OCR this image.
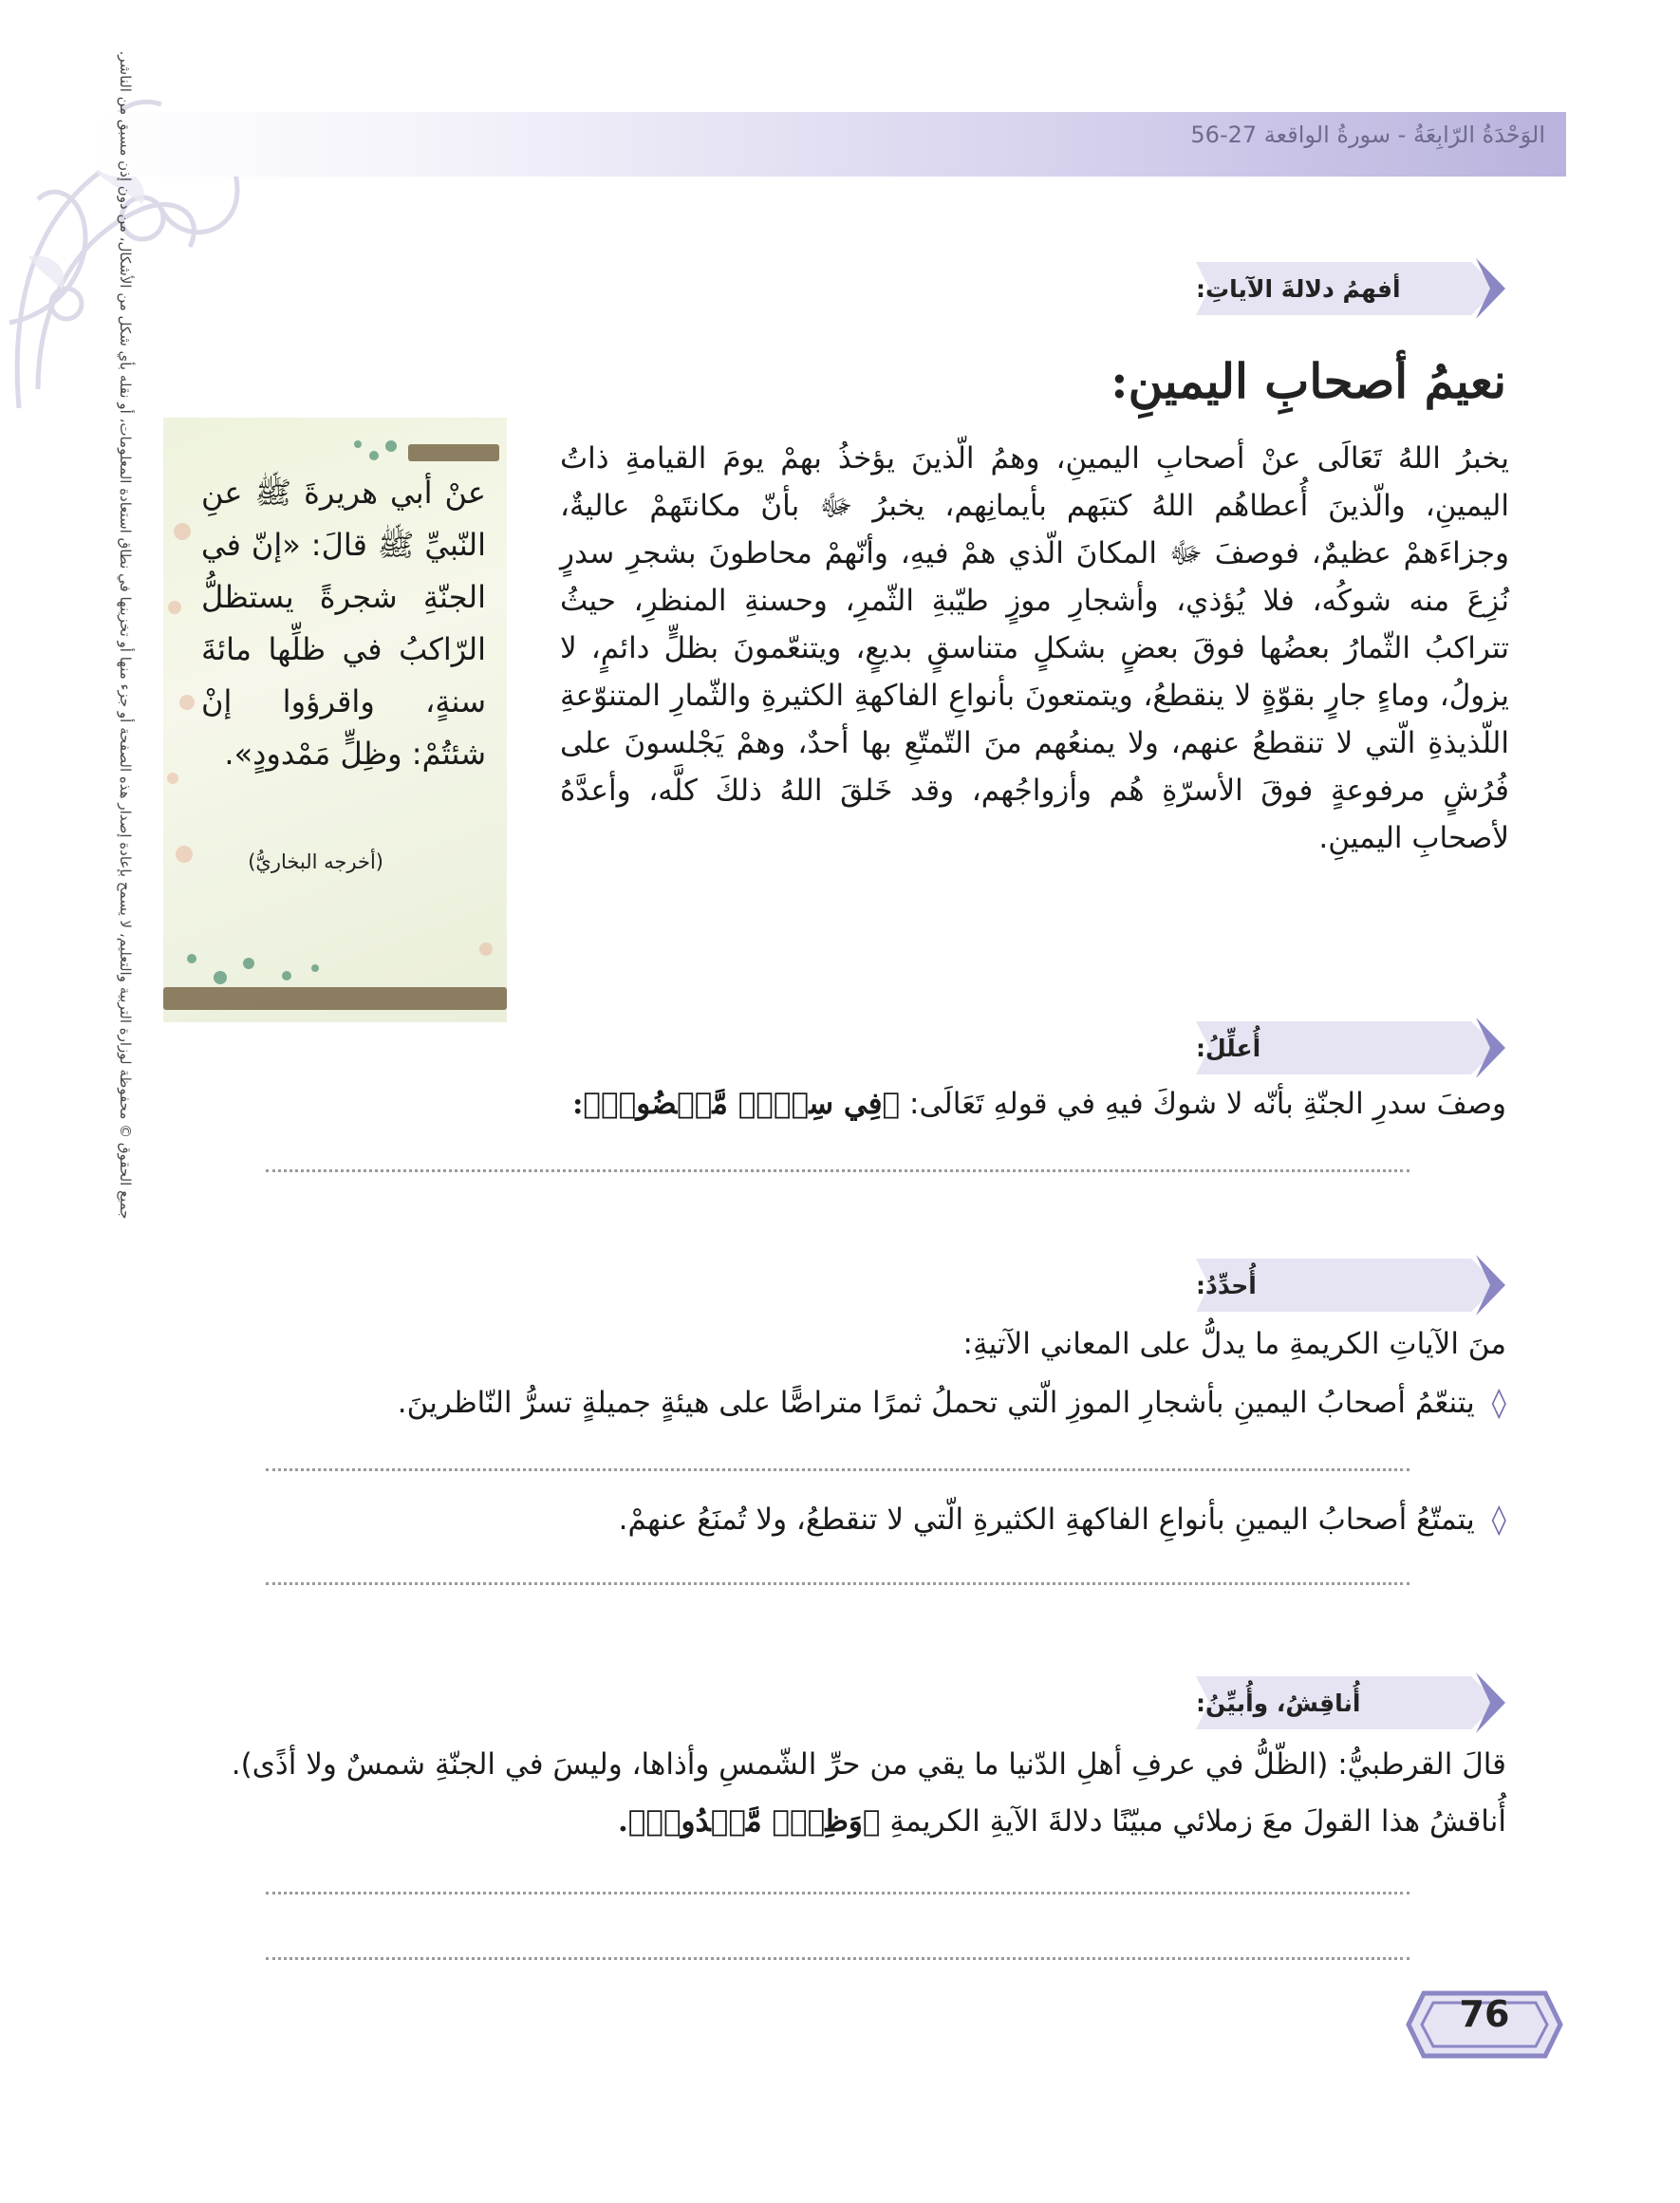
الوَحْدَةُ الرّابِعَةُ - سورةُ الواقعة 27-56
أفهمُ دلالةَ الآياتِ:
نعيمُ أصحابِ اليمينِ:
يخبرُ اللهُ تَعَالَى عنْ أصحابِ اليمينِ، وهمُ الّذينَ يؤخذُ بهمْ يومَ القيامةِ ذاتُ اليمينِ، والّذينَ أُعطاهُم اللهُ كتبَهم بأيمانِهم، يخبرُ ﷻ بأنّ مكانتَهمْ عاليةٌ، وجزاءَهمْ عظيمٌ، فوصفَ ﷻ المكانَ الّذي همْ فيهِ، وأنّهمْ محاطونَ بشجرِ سدرٍ نُزِعَ منه شوكُه، فلا يُؤذي، وأشجارِ موزٍ طيّبةِ الثّمرِ، وحسنةِ المنظرِ، حيثُ تتراكبُ الثّمارُ بعضُها فوقَ بعضٍ بشكلٍ متناسقٍ بديعٍ، ويتنعّمونَ بظلٍّ دائمٍ، لا يزولُ، وماءٍ جارٍ بقوّةٍ لا ينقطعُ، ويتمتعونَ بأنواعِ الفاكهةِ الكثيرةِ والثّمارِ المتنوّعةِ اللّذيذةِ الّتي لا تنقطعُ عنهم، ولا يمنعُهم منَ التّمتّعِ بها أحدٌ، وهمْ يَجْلسونَ على فُرُشٍ مرفوعةٍ فوقَ الأسرّةِ هُم وأزواجُهم، وقد خَلقَ اللهُ ذلكَ كلَّه، وأعدَّهُ لأصحابِ اليمينِ.
عنْ أبي هريرةَ ﷺ عنِ النّبيِّ ﷺ قالَ: «إنّ في الجنّةِ شجرةً يستظلُّ الرّاكبُ في ظلِّها مائةَ سنةٍ، واقرؤوا إنْ شئتُمْ: وظِلٍّ مَمْدودٍ».
(أخرجه البخاريُّ)
جميع الحقوق © محفوظة لوزارة التربية والتعليم، لا يسمح بإعادة إصدار هذه الصفحة أو جزء منها أو تخزينها في نطاق استعادة المعلومات، أو نقله بأي شكل من الأشكال، من دون إذن مسبق من الناشر.	أُعلِّلُ:
وصفَ سدرِ الجنّةِ بأنّه لا شوكَ فيهِ في قولهِ تَعَالَى: ﴿فِي سِدۡرٖ مَّخۡضُودٖ﴾:
أُحدِّدُ:
منَ الآياتِ الكريمةِ ما يدلُّ على المعاني الآتيةِ:
◊ يتنعّمُ أصحابُ اليمينِ بأشجارِ الموزِ الّتي تحملُ ثمرًا متراصًّا على هيئةٍ جميلةٍ تسرُّ النّاظرينَ.
◊ يتمتّعُ أصحابُ اليمينِ بأنواعِ الفاكهةِ الكثيرةِ الّتي لا تنقطعُ، ولا تُمنَعُ عنهمْ.
أُناقِشُ، وأُبيِّنُ:
قالَ القرطبيُّ: (الظّلُّ في عرفِ أهلِ الدّنيا ما يقي من حرِّ الشّمسِ وأذاها، وليسَ في الجنّةِ شمسٌ ولا أذًى).
أُناقشُ هذا القولَ معَ زملائي مبيّنًا دلالةَ الآيةِ الكريمةِ ﴿وَظِلّٖ مَّمۡدُودٖ﴾.
76
